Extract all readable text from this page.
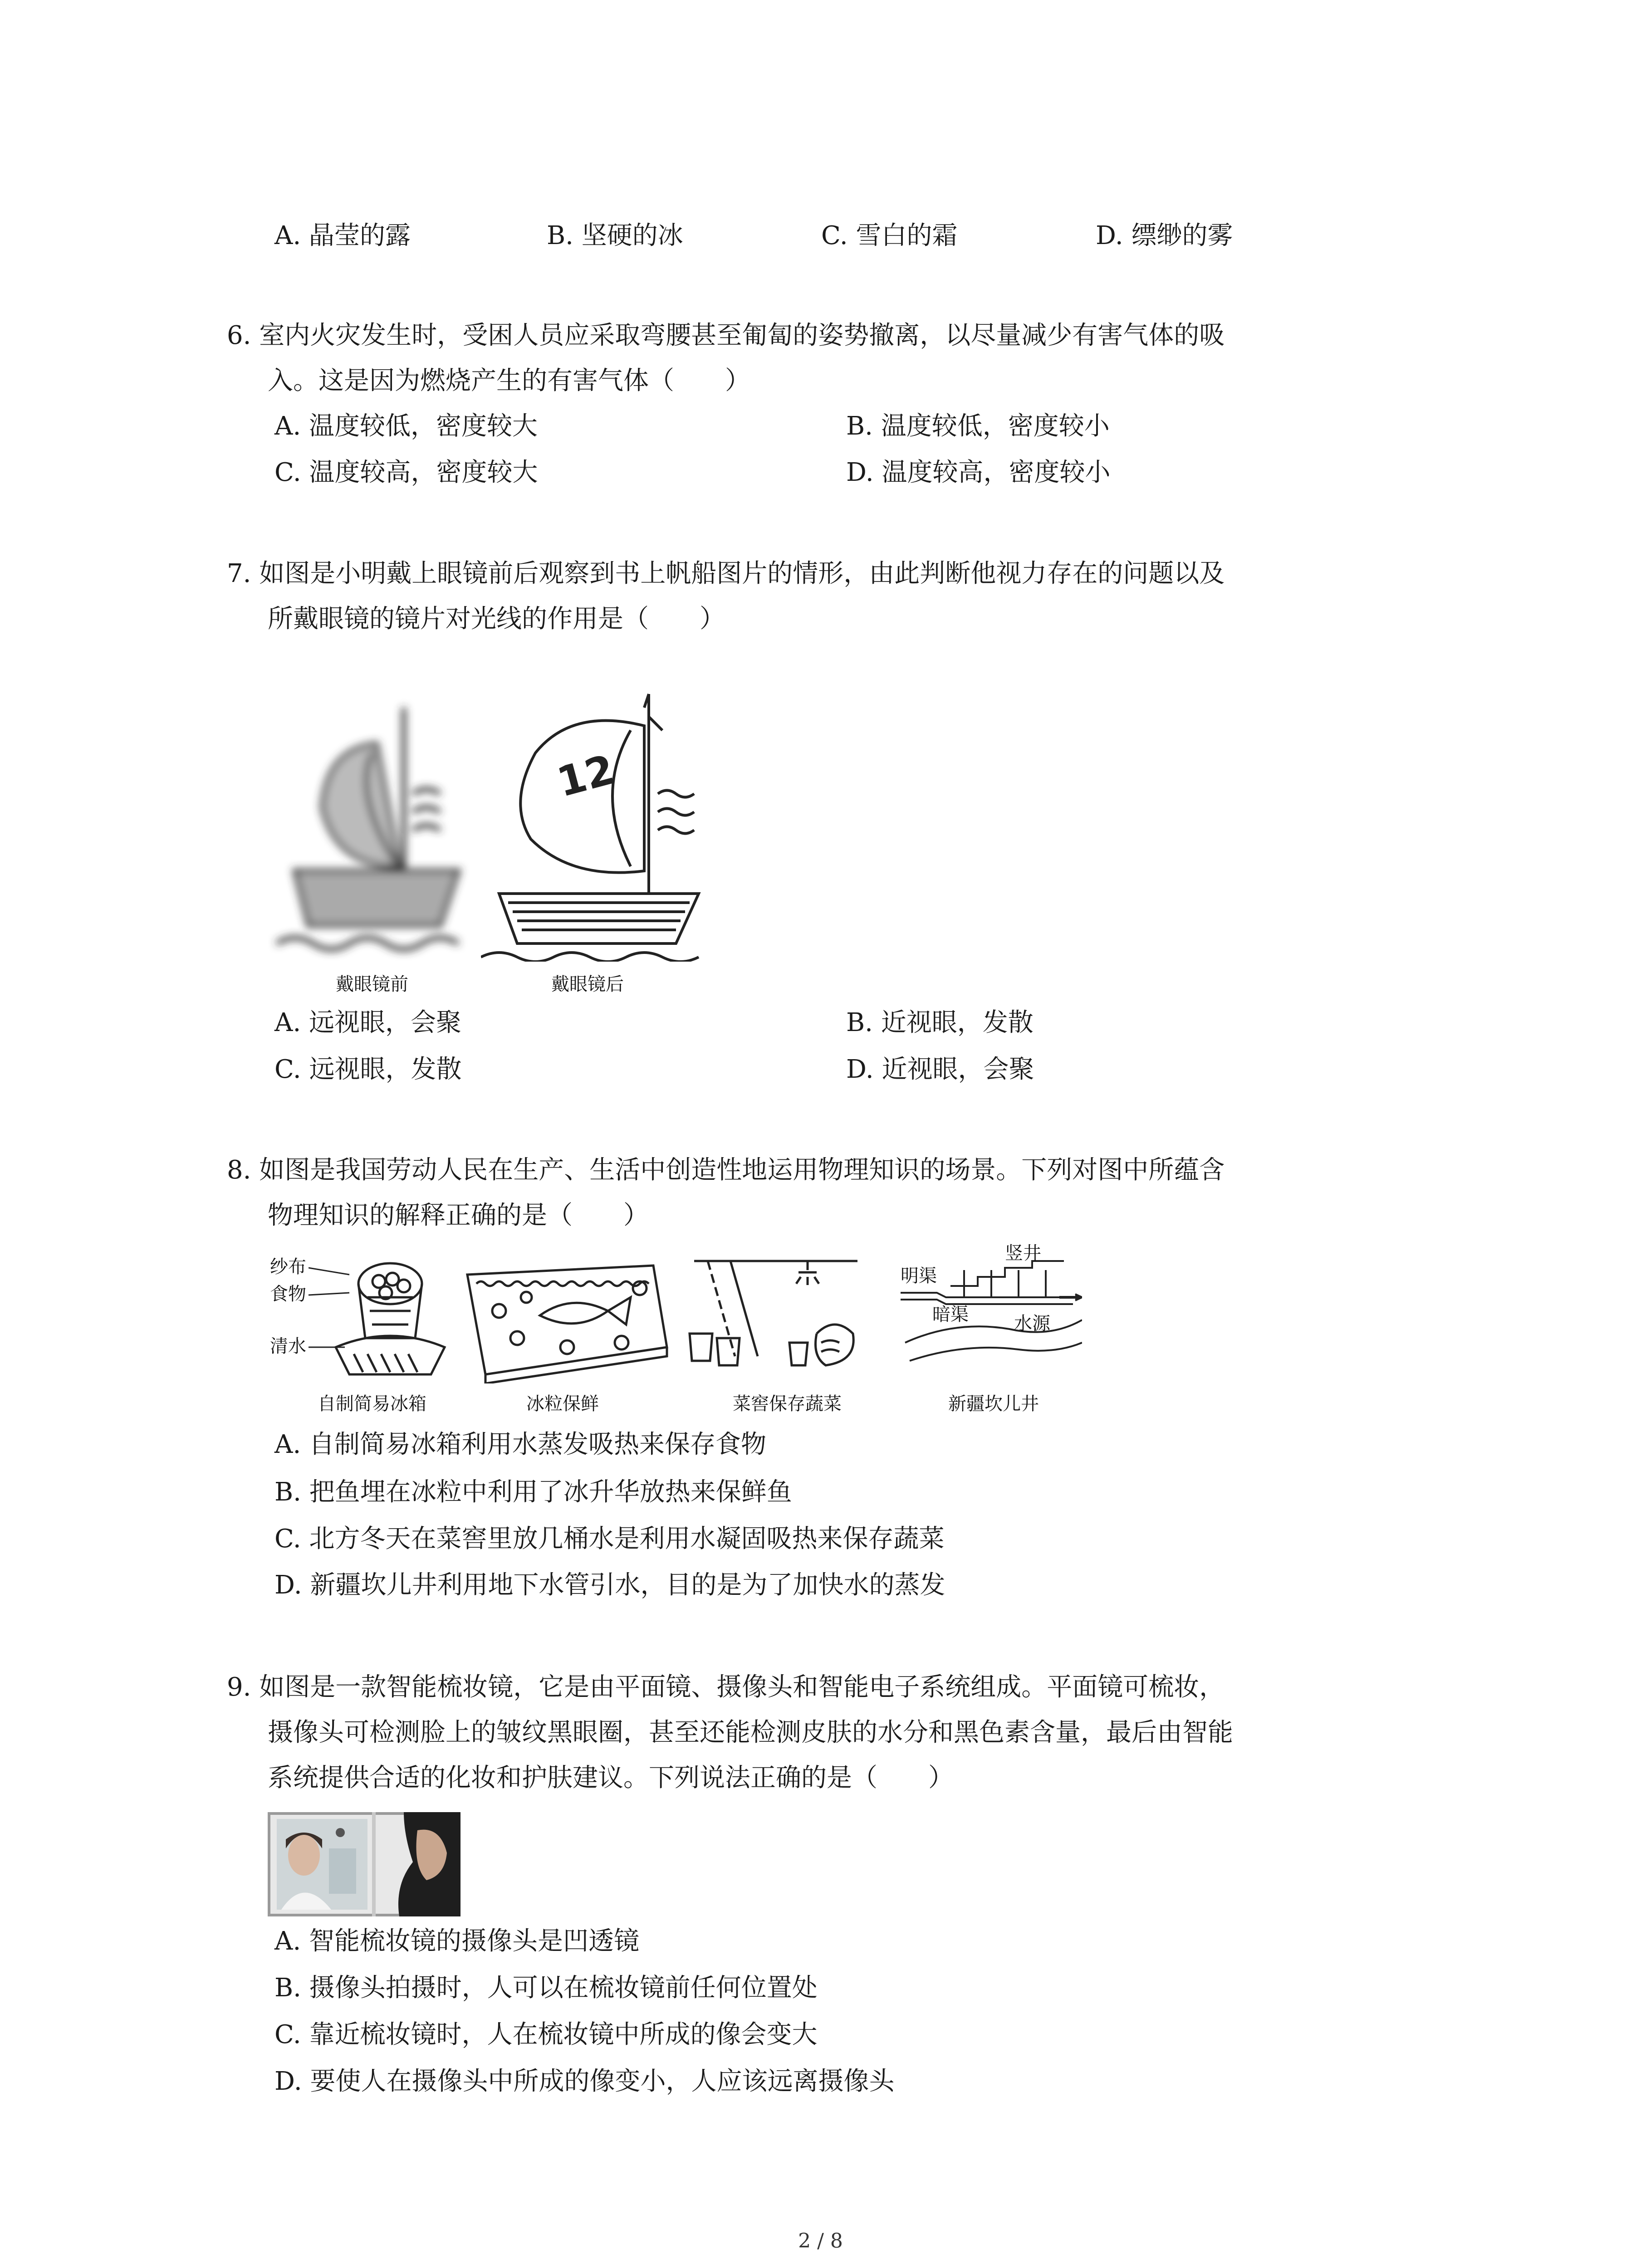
A. 晶莹的露	B. 坚硬的冰	C. 雪白的霜	D. 缥缈的雾
6. 室内火灾发生时，受困人员应采取弯腰甚至匍匐的姿势撤离，以尽量减少有害气体的吸
入。这是因为燃烧产生的有害气体（　　）
A. 温度较低，密度较大	B. 温度较低，密度较小
C. 温度较高，密度较大	D. 温度较高，密度较小
7. 如图是小明戴上眼镜前后观察到书上帆船图片的情形，由此判断他视力存在的问题以及
所戴眼镜的镜片对光线的作用是（　　）
戴眼镜前
12
戴眼镜后
A. 远视眼，会聚	B. 近视眼，发散
C. 远视眼，发散	D. 近视眼，会聚
8. 如图是我国劳动人民在生产、生活中创造性地运用物理知识的场景。下列对图中所蕴含
物理知识的解释正确的是（　　）
纱布
食物
清水
自制简易冰箱	冰粒保鲜	菜窖保存蔬菜
明渠
竖井
暗渠	水源
新疆坎儿井
A. 自制简易冰箱利用水蒸发吸热来保存食物
B. 把鱼埋在冰粒中利用了冰升华放热来保鲜鱼
C. 北方冬天在菜窖里放几桶水是利用水凝固吸热来保存蔬菜
D. 新疆坎儿井利用地下水管引水，目的是为了加快水的蒸发
9. 如图是一款智能梳妆镜，它是由平面镜、摄像头和智能电子系统组成。平面镜可梳妆，
摄像头可检测脸上的皱纹黑眼圈，甚至还能检测皮肤的水分和黑色素含量，最后由智能
系统提供合适的化妆和护肤建议。下列说法正确的是（　　）
A. 智能梳妆镜的摄像头是凹透镜
B. 摄像头拍摄时，人可以在梳妆镜前任何位置处
C. 靠近梳妆镜时，人在梳妆镜中所成的像会变大
D. 要使人在摄像头中所成的像变小，人应该远离摄像头
2 / 8
